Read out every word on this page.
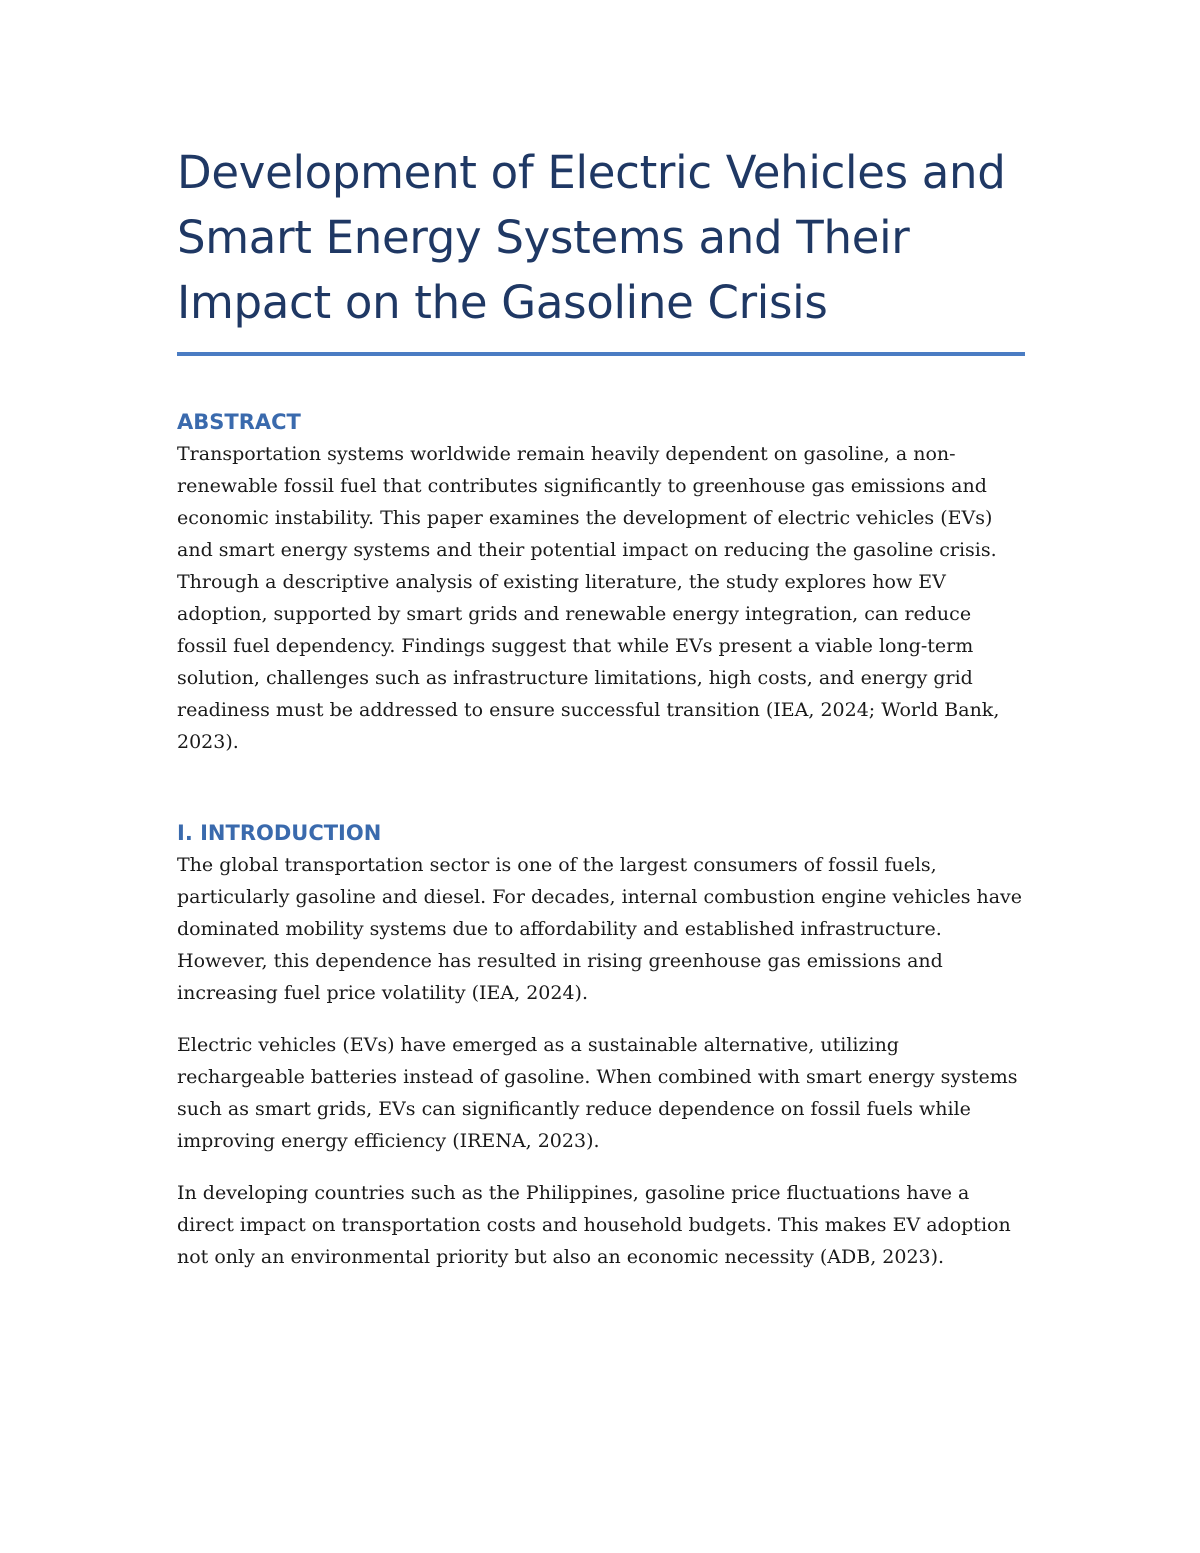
Development of Electric Vehicles and Smart Energy Systems and Their Impact on the Gasoline Crisis
ABSTRACT

Transportation systems worldwide remain heavily dependent on gasoline, a non-renewable fossil fuel that contributes significantly to greenhouse gas emissions and economic instability. This paper examines the development of electric vehicles (EVs) and smart energy systems and their potential impact on reducing the gasoline crisis. Through a descriptive analysis of existing literature, the study explores how EV adoption, supported by smart grids and renewable energy integration, can reduce fossil fuel dependency. Findings suggest that while EVs present a viable long-term solution, challenges such as infrastructure limitations, high costs, and energy grid readiness must be addressed to ensure successful transition (IEA, 2024; World Bank, 2023).

I. INTRODUCTION

The global transportation sector is one of the largest consumers of fossil fuels, particularly gasoline and diesel. For decades, internal combustion engine vehicles have dominated mobility systems due to affordability and established infrastructure. However, this dependence has resulted in rising greenhouse gas emissions and increasing fuel price volatility (IEA, 2024).

Electric vehicles (EVs) have emerged as a sustainable alternative, utilizing rechargeable batteries instead of gasoline. When combined with smart energy systems such as smart grids, EVs can significantly reduce dependence on fossil fuels while improving energy efficiency (IRENA, 2023).

In developing countries such as the Philippines, gasoline price fluctuations have a direct impact on transportation costs and household budgets. This makes EV adoption not only an environmental priority but also an economic necessity (ADB, 2023).
